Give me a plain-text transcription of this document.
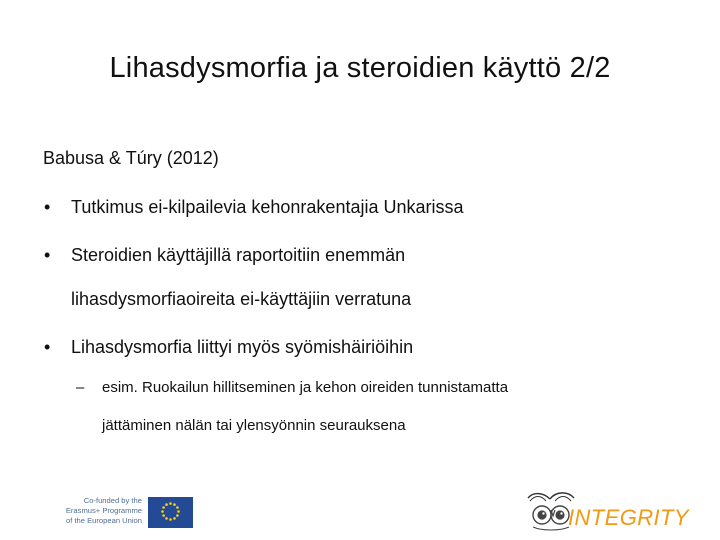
Lihasdysmorfia ja steroidien käyttö 2/2
Babusa & Túry (2012)
•	Tutkimus ei-kilpailevia kehonrakentajia Unkarissa
•	Steroidien käyttäjillä raportoitiin enemmän
lihasdysmorfiaoireita ei-käyttäjiin verratuna
•	Lihasdysmorfia liittyi myös syömishäiriöihin
– esim. Ruokailun hillitseminen ja kehon oireiden tunnistamatta
jättäminen nälän tai ylensyönnin seurauksena
Co-funded by the
Erasmus+ Programme
of the European Union	INTEGRITY
